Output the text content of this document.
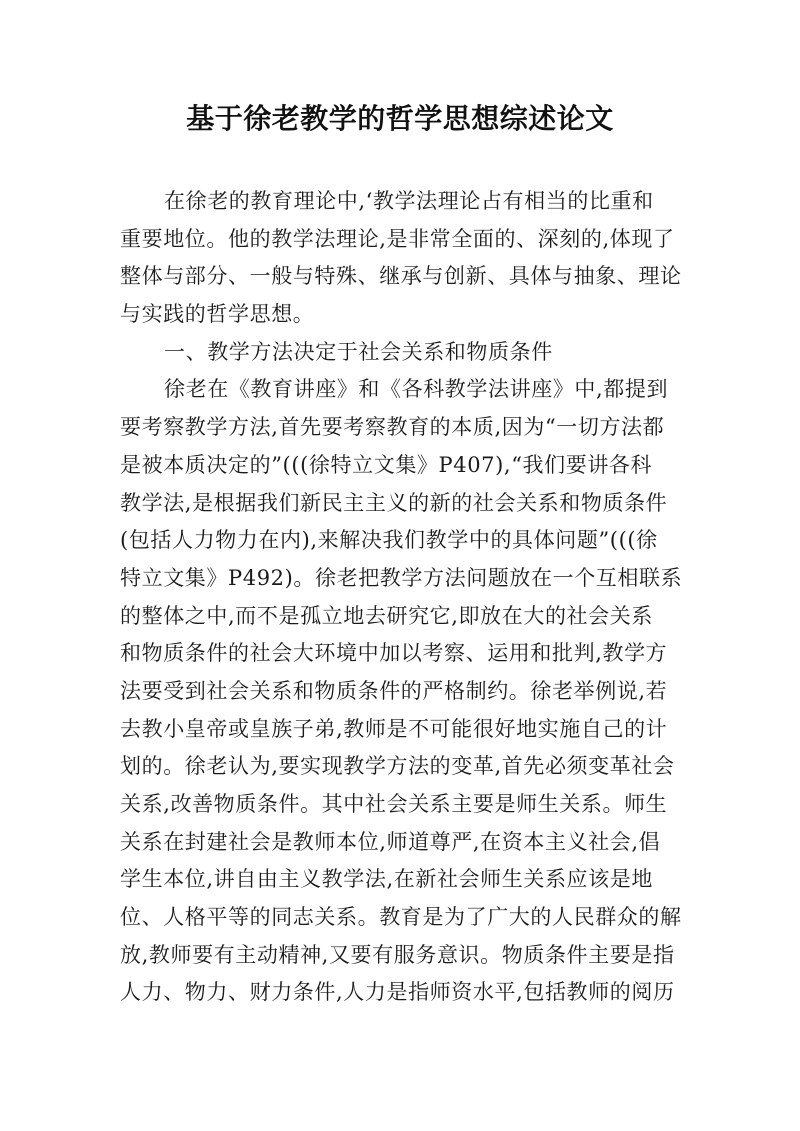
基于徐老教学的哲学思想综述论文
在徐老的教育理论中,‘教学法理论占有相当的比重和
重要地位。他的教学法理论,是非常全面的、深刻的,体现了
整体与部分、一般与特殊、继承与创新、具体与抽象、理论
与实践的哲学思想。
一、教学方法决定于社会关系和物质条件
徐老在《教育讲座》和《各科教学法讲座》中,都提到
要考察教学方法,首先要考察教育的本质,因为“一切方法都
是被本质决定的”(((徐特立文集》P407),“我们要讲各科
教学法,是根据我们新民主主义的新的社会关系和物质条件
(包括人力物力在内),来解决我们教学中的具体问题”(((徐
特立文集》P492)。徐老把教学方法问题放在一个互相联系
的整体之中,而不是孤立地去研究它,即放在大的社会关系
和物质条件的社会大环境中加以考察、运用和批判,教学方
法要受到社会关系和物质条件的严格制约。徐老举例说,若
去教小皇帝或皇族子弟,教师是不可能很好地实施自己的计
划的。徐老认为,要实现教学方法的变革,首先必须变革社会
关系,改善物质条件。其中社会关系主要是师生关系。师生
关系在封建社会是教师本位,师道尊严,在资本主义社会,倡
学生本位,讲自由主义教学法,在新社会师生关系应该是地
位、人格平等的同志关系。教育是为了广大的人民群众的解
放,教师要有主动精神,又要有服务意识。物质条件主要是指
人力、物力、财力条件,人力是指师资水平,包括教师的阅历
